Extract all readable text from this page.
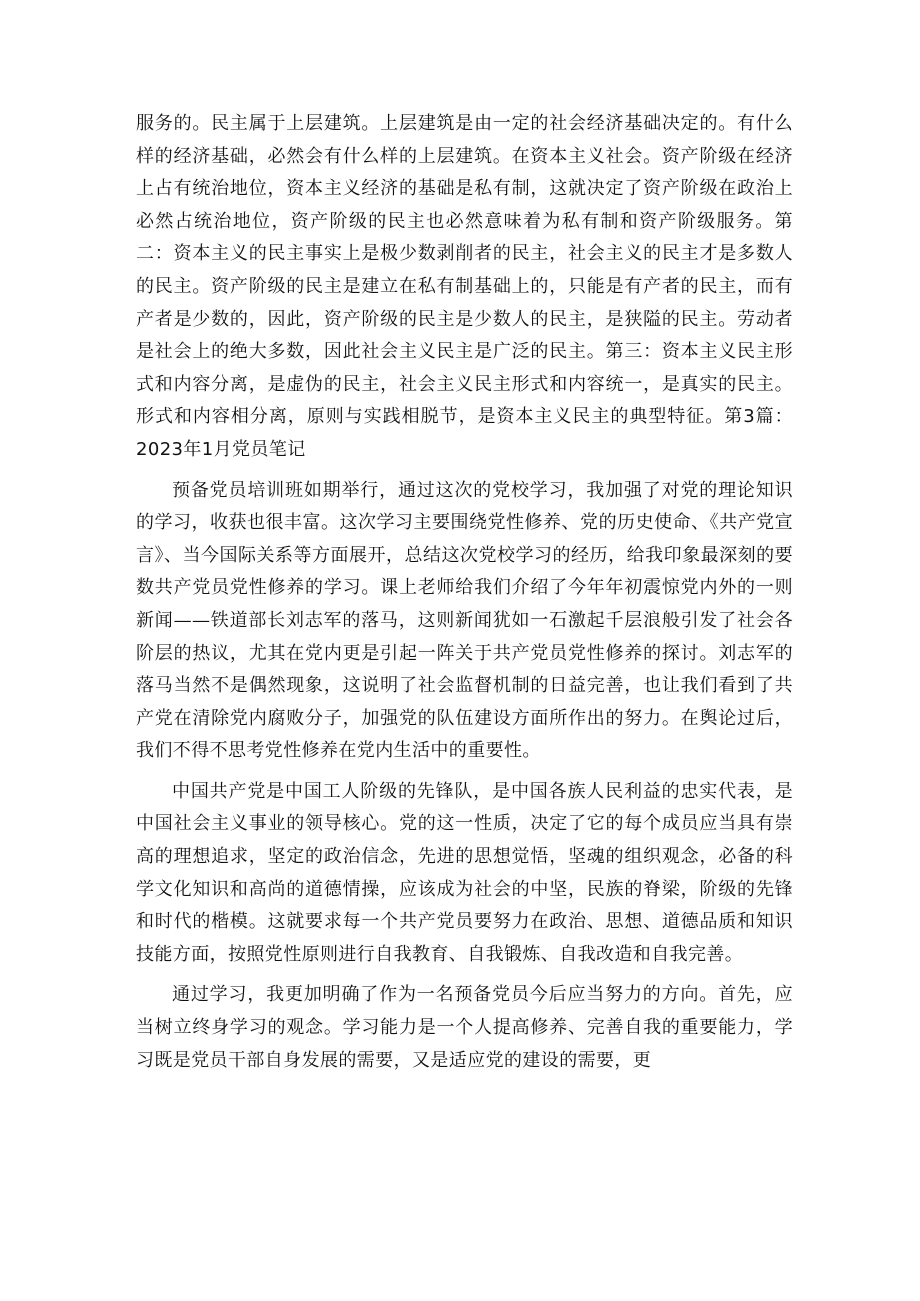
服务的。民主属于上层建筑。上层建筑是由一定的社会经济基础决定的。有什么样的经济基础，必然会有什么样的上层建筑。在资本主义社会。资产阶级在经济上占有统治地位，资本主义经济的基础是私有制，这就决定了资产阶级在政治上必然占统治地位，资产阶级的民主也必然意味着为私有制和资产阶级服务。第二：资本主义的民主事实上是极少数剥削者的民主，社会主义的民主才是多数人的民主。资产阶级的民主是建立在私有制基础上的，只能是有产者的民主，而有产者是少数的，因此，资产阶级的民主是少数人的民主，是狭隘的民主。劳动者是社会上的绝大多数，因此社会主义民主是广泛的民主。第三：资本主义民主形式和内容分离，是虚伪的民主，社会主义民主形式和内容统一，是真实的民主。形式和内容相分离，原则与实践相脱节，是资本主义民主的典型特征。第3篇：2023年1月党员笔记

预备党员培训班如期举行，通过这次的党校学习，我加强了对党的理论知识的学习，收获也很丰富。这次学习主要围绕党性修养、党的历史使命、《共产党宣言》、当今国际关系等方面展开，总结这次党校学习的经历，给我印象最深刻的要数共产党员党性修养的学习。课上老师给我们介绍了今年年初震惊党内外的一则新闻——铁道部长刘志军的落马，这则新闻犹如一石激起千层浪般引发了社会各阶层的热议，尤其在党内更是引起一阵关于共产党员党性修养的探讨。刘志军的落马当然不是偶然现象，这说明了社会监督机制的日益完善，也让我们看到了共产党在清除党内腐败分子，加强党的队伍建设方面所作出的努力。在舆论过后，我们不得不思考党性修养在党内生活中的重要性。

中国共产党是中国工人阶级的先锋队，是中国各族人民利益的忠实代表，是中国社会主义事业的领导核心。党的这一性质，决定了它的每个成员应当具有崇高的理想追求，坚定的政治信念，先进的思想觉悟，坚魂的组织观念，必备的科学文化知识和高尚的道德情操，应该成为社会的中坚，民族的脊梁，阶级的先锋和时代的楷模。这就要求每一个共产党员要努力在政治、思想、道德品质和知识技能方面，按照党性原则进行自我教育、自我锻炼、自我改造和自我完善。

通过学习，我更加明确了作为一名预备党员今后应当努力的方向。首先，应当树立终身学习的观念。学习能力是一个人提高修养、完善自我的重要能力，学习既是党员干部自身发展的需要，又是适应党的建设的需要，更
